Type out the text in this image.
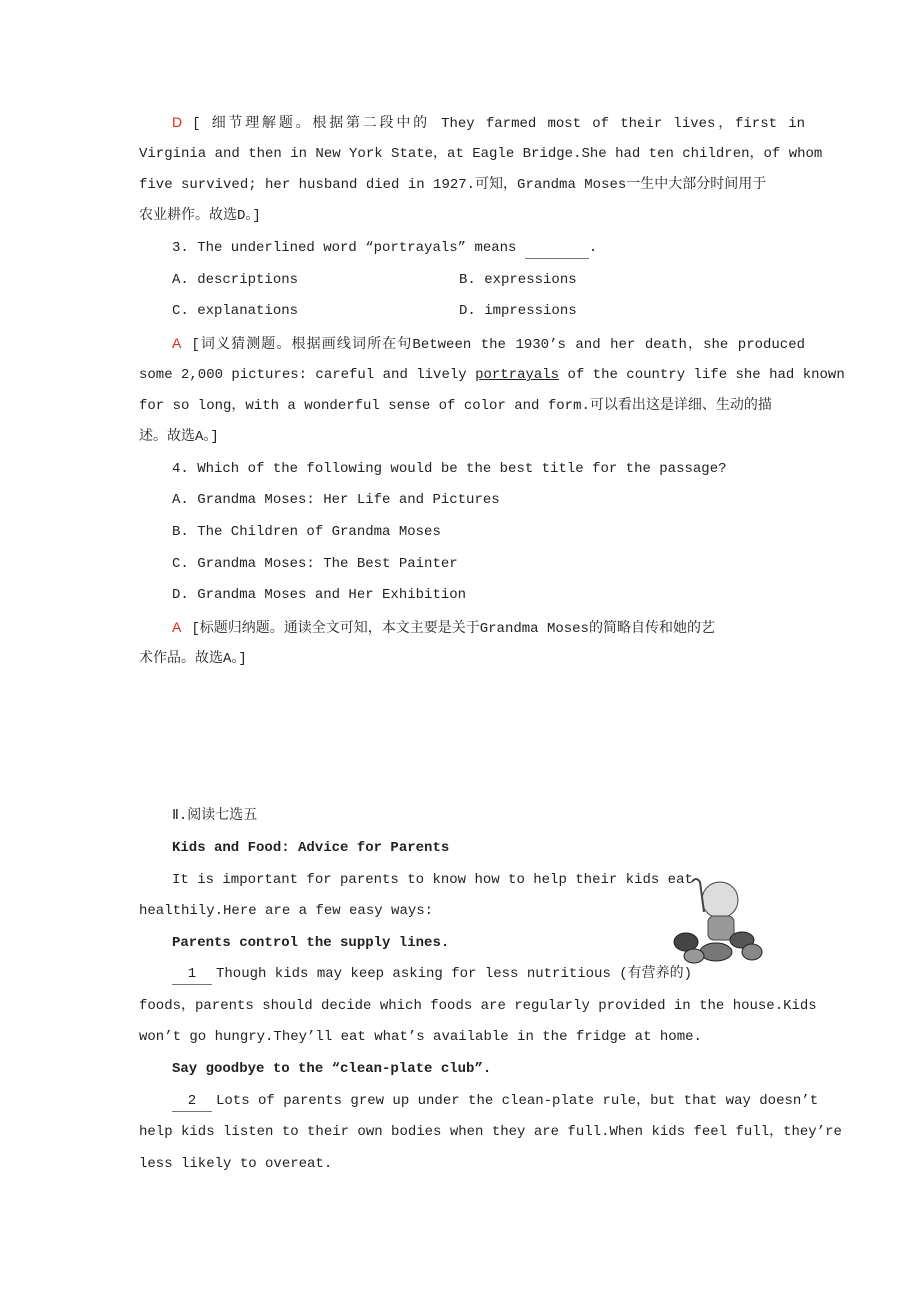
D [ 细节理解题。根据第二段中的 They farmed most of their lives，first in
Virginia and then in New York State，at Eagle Bridge.She had ten children，of whom
five survived; her husband died in 1927.可知，Grandma Moses一生中大部分时间用于
农业耕作。故选D。]
3. The underlined word “portrayals” means	.
A. descriptions	B. expressions
C. explanations	D. impressions
A [词义猜测题。根据画线词所在句Between the 1930’s and her death，she produced
some 2,000 pictures: careful and lively portrayals of the country life she had known
for so long，with a wonderful sense of color and form.可以看出这是详细、生动的描
述。故选A。]
4. Which of the following would be the best title for the passage?
A. Grandma Moses: Her Life and Pictures
B. The Children of Grandma Moses
C. Grandma Moses: The Best Painter
D. Grandma Moses and Her Exhibition
A [标题归纳题。通读全文可知，本文主要是关于Grandma Moses的简略自传和她的艺
术作品。故选A。]
Ⅱ.阅读七选五
Kids and Food: Advice for Parents
It is important for parents to know how to help their kids eat
healthily.Here are a few easy ways:
Parents control the supply lines.
1 Though kids may keep asking for less nutritious (有营养的)
foods，parents should decide which foods are regularly provided in the house.Kids
won’t go hungry.They’ll eat what’s available in the fridge at home.
Say goodbye to the “clean-plate club”.
2 Lots of parents grew up under the clean-plate rule，but that way doesn’t
help kids listen to their own bodies when they are full.When kids feel full，they’re
less likely to overeat.
